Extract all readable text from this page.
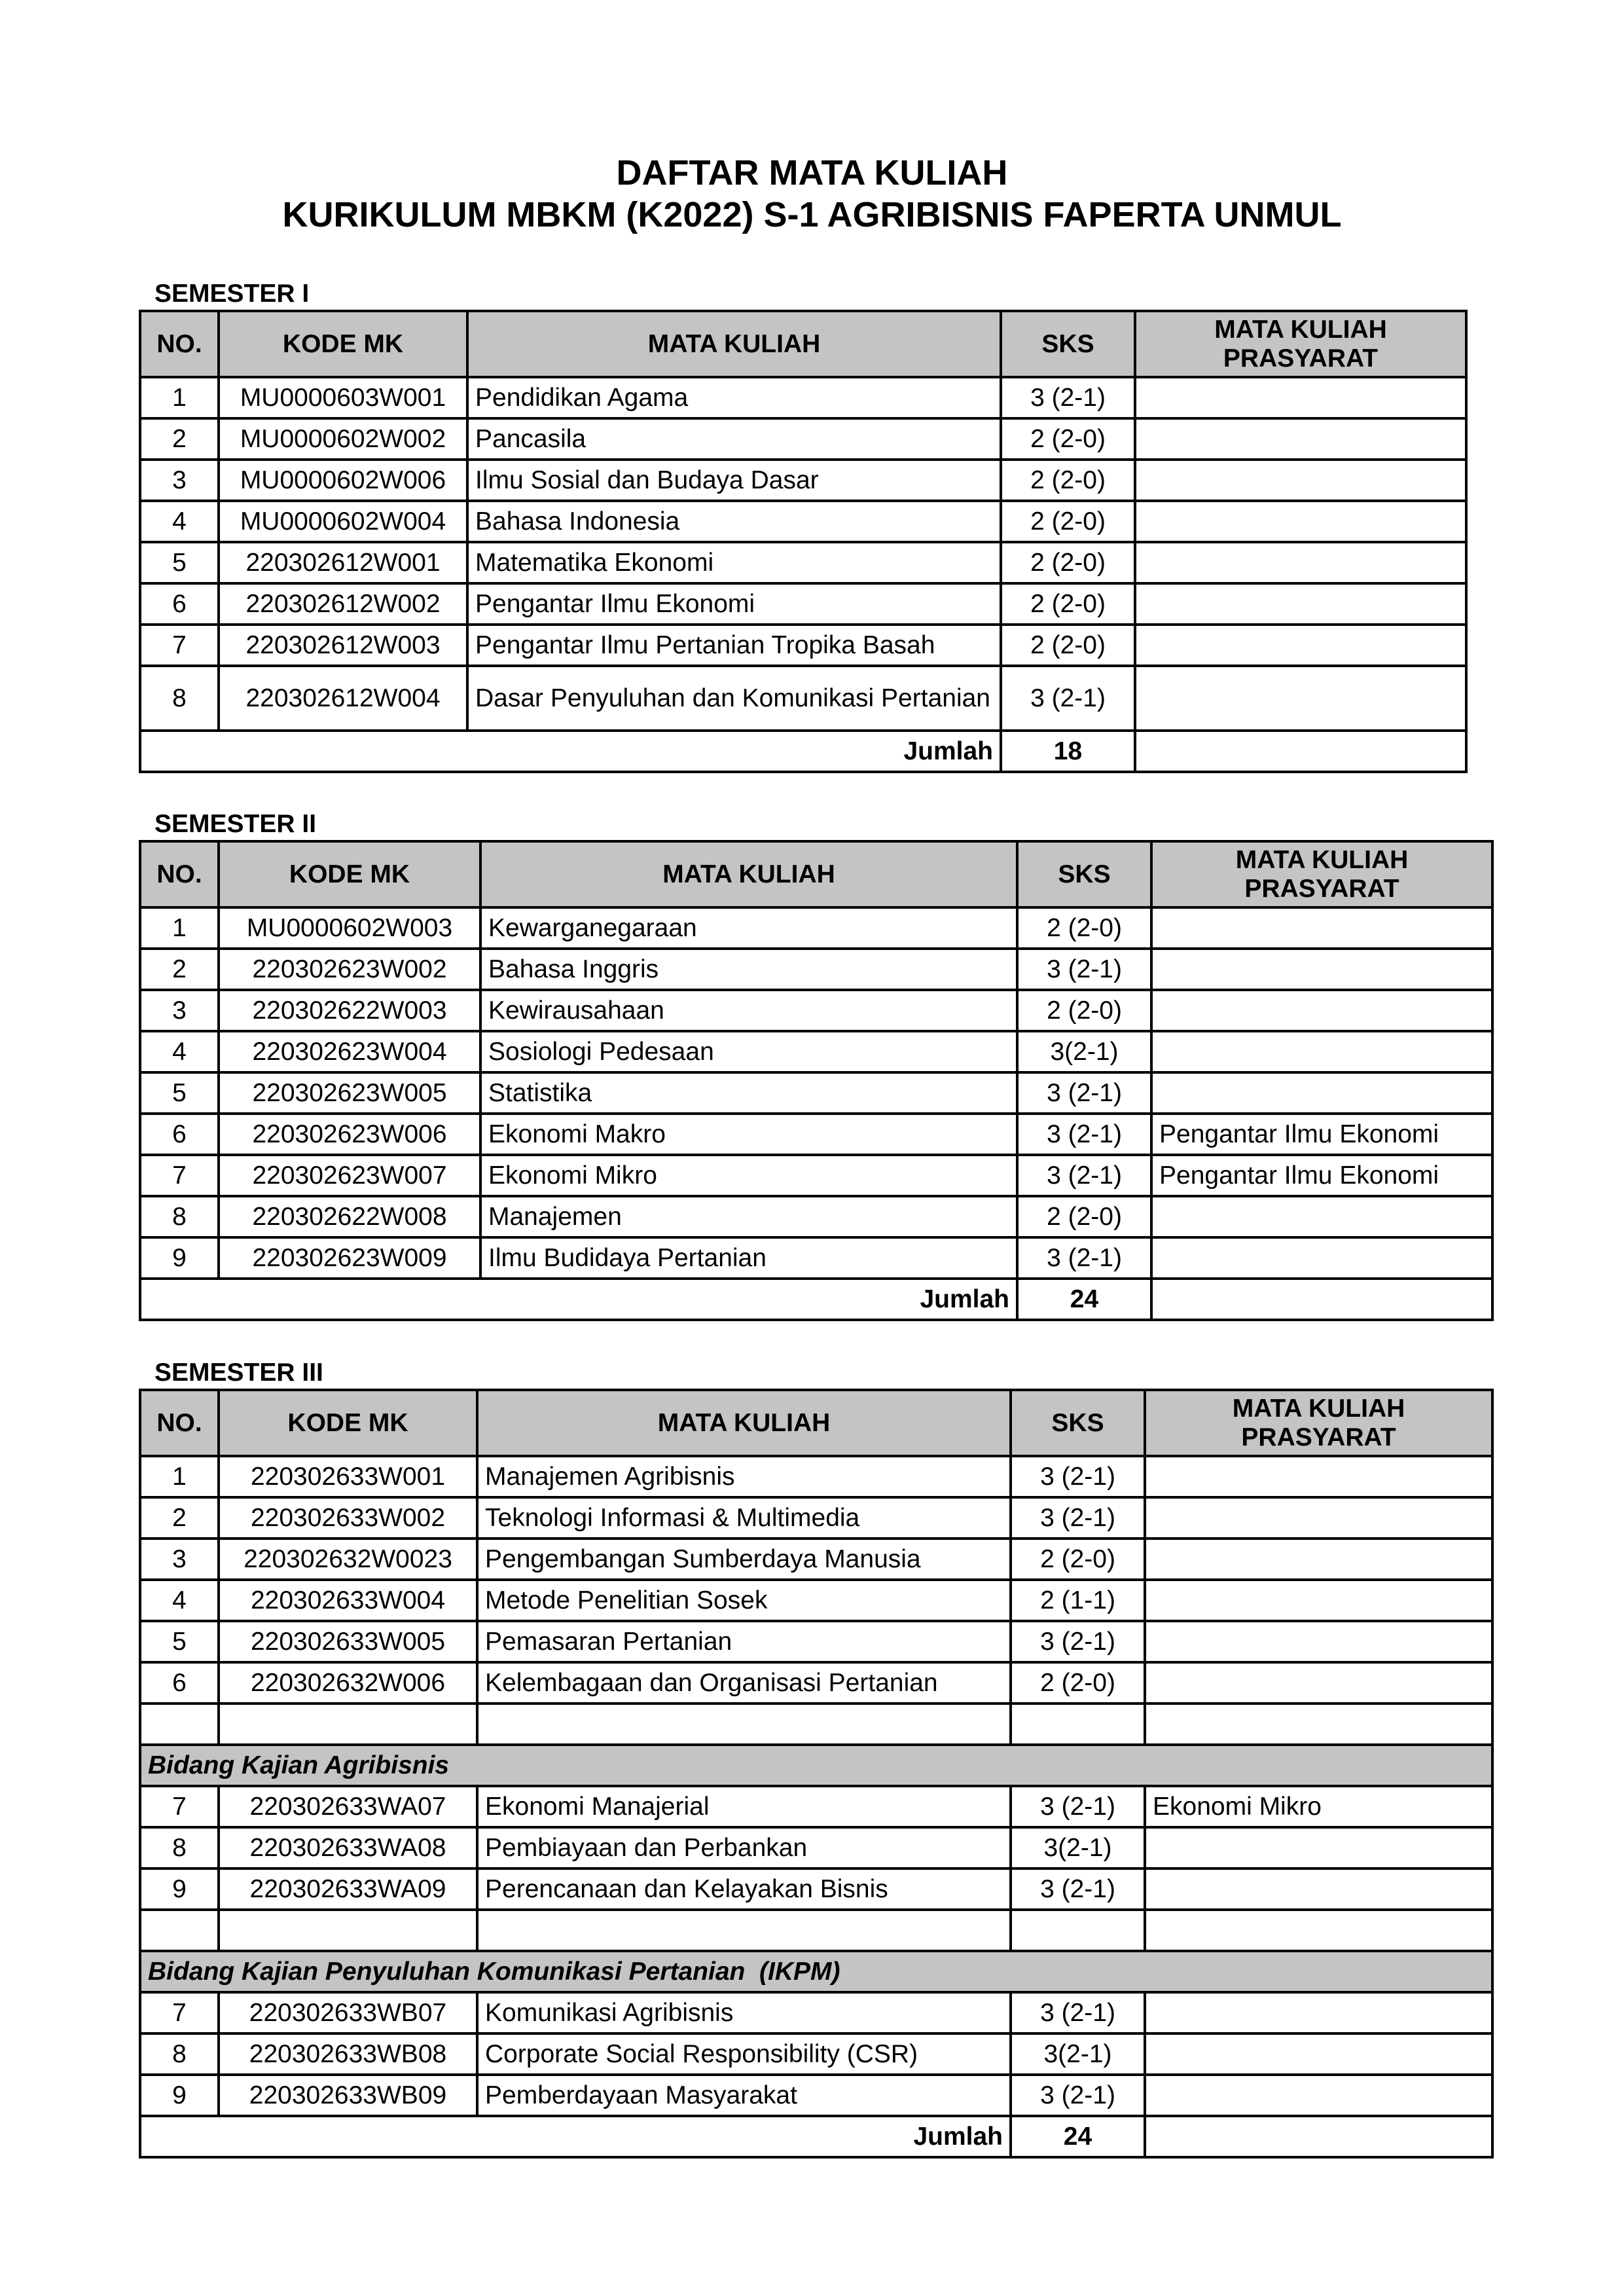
DAFTAR MATA KULIAH
KURIKULUM MBKM (K2022) S-1 AGRIBISNIS FAPERTA UNMUL
SEMESTER I
NO.	KODE MK	MATA KULIAH	SKS	MATA KULIAH PRASYARAT
1	MU0000603W001	Pendidikan Agama	3 (2-1)	
2	MU0000602W002	Pancasila	2 (2-0)	
3	MU0000602W006	Ilmu Sosial dan Budaya Dasar	2 (2-0)	
4	MU0000602W004	Bahasa Indonesia	2 (2-0)	
5	220302612W001	Matematika Ekonomi	2 (2-0)	
6	220302612W002	Pengantar Ilmu Ekonomi	2 (2-0)	
7	220302612W003	Pengantar Ilmu Pertanian Tropika Basah	2 (2-0)	
8	220302612W004	Dasar Penyuluhan dan Komunikasi Pertanian	3 (2-1)	
Jumlah			18	
SEMESTER II
NO.	KODE MK	MATA KULIAH	SKS	MATA KULIAH PRASYARAT
1	MU0000602W003	Kewarganegaraan	2 (2-0)	
2	220302623W002	Bahasa Inggris	3 (2-1)	
3	220302622W003	Kewirausahaan	2 (2-0)	
4	220302623W004	Sosiologi Pedesaan	3(2-1)	
5	220302623W005	Statistika	3 (2-1)	
6	220302623W006	Ekonomi Makro	3 (2-1)	Pengantar Ilmu Ekonomi
7	220302623W007	Ekonomi Mikro	3 (2-1)	Pengantar Ilmu Ekonomi
8	220302622W008	Manajemen	2 (2-0)	
9	220302623W009	Ilmu Budidaya Pertanian	3 (2-1)	
Jumlah			24	
SEMESTER III
NO.	KODE MK	MATA KULIAH	SKS	MATA KULIAH PRASYARAT
1	220302633W001	Manajemen Agribisnis	3 (2-1)	
2	220302633W002	Teknologi Informasi & Multimedia	3 (2-1)	
3	220302632W0023	Pengembangan Sumberdaya Manusia	2 (2-0)	
4	220302633W004	Metode Penelitian Sosek	2 (1-1)	
5	220302633W005	Pemasaran Pertanian	3 (2-1)	
6	220302632W006	Kelembagaan dan Organisasi Pertanian	2 (2-0)	

Bidang Kajian Agribisnis				
7	220302633WA07	Ekonomi Manajerial	3 (2-1)	Ekonomi Mikro
8	220302633WA08	Pembiayaan dan Perbankan	3(2-1)	
9	220302633WA09	Perencanaan dan Kelayakan Bisnis	3 (2-1)	

Bidang Kajian Penyuluhan Komunikasi Pertanian  (IKPM)				
7	220302633WB07	Komunikasi Agribisnis	3 (2-1)	
8	220302633WB08	Corporate Social Responsibility (CSR)	3(2-1)	
9	220302633WB09	Pemberdayaan Masyarakat	3 (2-1)	
Jumlah			24	
